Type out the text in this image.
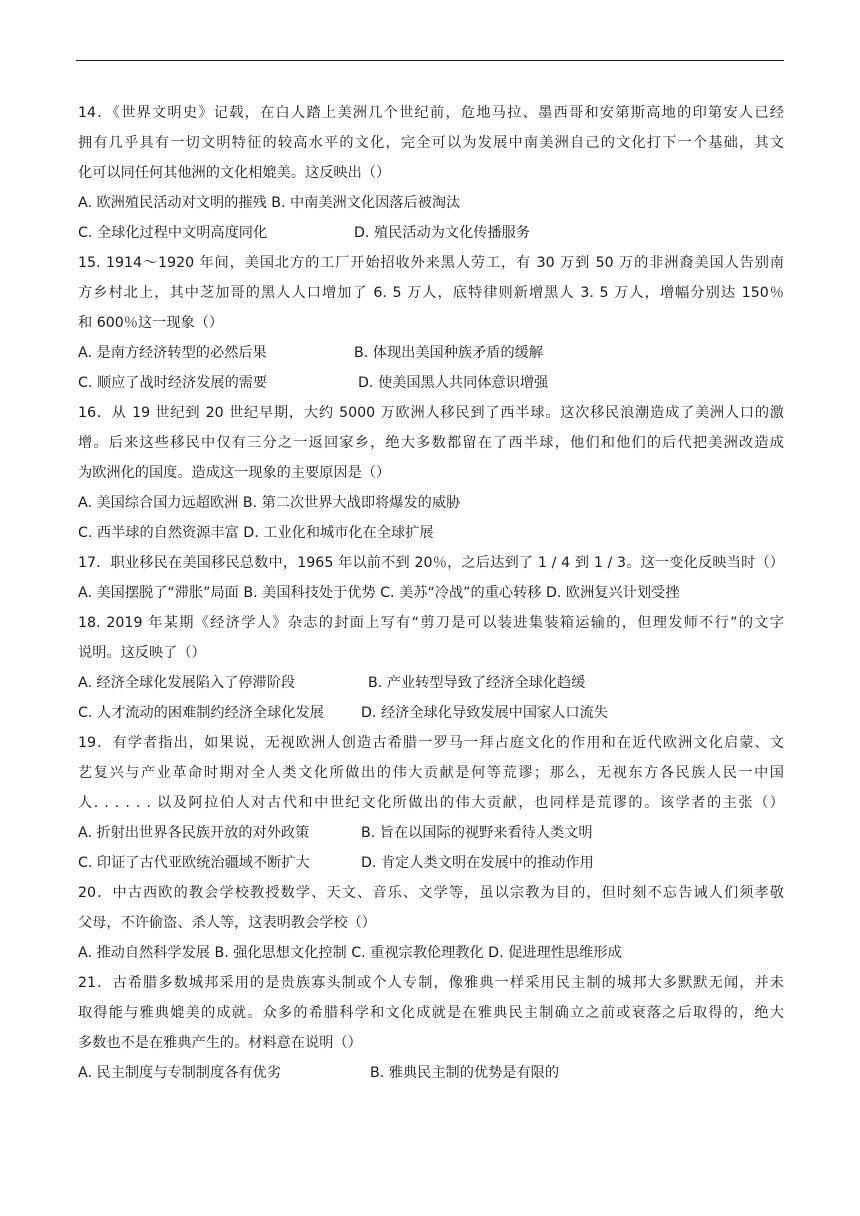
14．《世界文明史》记载，在白人踏上美洲几个世纪前，危地马拉、墨西哥和安第斯高地的印第安人已经
拥有几乎具有一切文明特征的较高水平的文化，完全可以为发展中南美洲自己的文化打下一个基础，其文
化可以同任何其他洲的文化相媲美。这反映出（）
A. 欧洲殖民活动对文明的摧残 B. 中南美洲文化因落后被淘汰
C. 全球化过程中文明高度同化	D. 殖民活动为文化传播服务
15. 1914～1920 年间，美国北方的工厂开始招收外来黑人劳工，有 30 万到 50 万的非洲裔美国人告别南
方乡村北上，其中芝加哥的黑人人口增加了 6. 5 万人，底特律则新增黑人 3. 5 万人，增幅分别达 150％
和 600％这一现象（）
A. 是南方经济转型的必然后果	B. 体现出美国种族矛盾的缓解
C. 顺应了战时经济发展的需要	D. 使美国黑人共同体意识增强
16．从 19 世纪到 20 世纪早期，大约 5000 万欧洲人移民到了西半球。这次移民浪潮造成了美洲人口的激
增。后来这些移民中仅有三分之一返回家乡，绝大多数都留在了西半球，他们和他们的后代把美洲改造成
为欧洲化的国度。造成这一现象的主要原因是（）
A. 美国综合国力远超欧洲 B. 第二次世界大战即将爆发的威胁
C. 西半球的自然资源丰富 D. 工业化和城市化在全球扩展
17．职业移民在美国移民总数中，1965 年以前不到 20％，之后达到了 1 / 4 到 1 / 3。这一变化反映当时（）
A. 美国摆脱了“滞胀”局面 B. 美国科技处于优势 C. 美苏“冷战”的重心转移 D. 欧洲复兴计划受挫
18. 2019 年某期《经济学人》杂志的封面上写有“剪刀是可以装进集装箱运输的，但理发师不行”的文字
说明。这反映了（）
A. 经济全球化发展陷入了停滞阶段	B. 产业转型导致了经济全球化趋缓
C. 人才流动的困难制约经济全球化发展	D. 经济全球化导致发展中国家人口流失
19．有学者指出，如果说，无视欧洲人创造古希腊一罗马一拜占庭文化的作用和在近代欧洲文化启蒙、文
艺复兴与产业革命时期对全人类文化所做出的伟大贡献是何等荒谬；那么，无视东方各民族人民一中国
人. . . . . . 以及阿拉伯人对古代和中世纪文化所做出的伟大贡献，也同样是荒谬的。该学者的主张（）
A. 折射出世界各民族开放的对外政策	B. 旨在以国际的视野来看待人类文明
C. 印证了古代亚欧统治疆域不断扩大	D. 肯定人类文明在发展中的推动作用
20．中古西欧的教会学校教授数学、天文、音乐、文学等，虽以宗教为目的，但时刻不忘告诫人们须孝敬
父母，不许偷盗、杀人等，这表明教会学校（）
A. 推动自然科学发展 B. 强化思想文化控制 C. 重视宗教伦理教化 D. 促进理性思维形成
21．古希腊多数城邦采用的是贵族寡头制或个人专制，像雅典一样采用民主制的城邦大多默默无闻，并未
取得能与雅典媲美的成就。众多的希腊科学和文化成就是在雅典民主制确立之前或衰落之后取得的，绝大
多数也不是在雅典产生的。材料意在说明（）
A. 民主制度与专制制度各有优劣	B. 雅典民主制的优势是有限的
